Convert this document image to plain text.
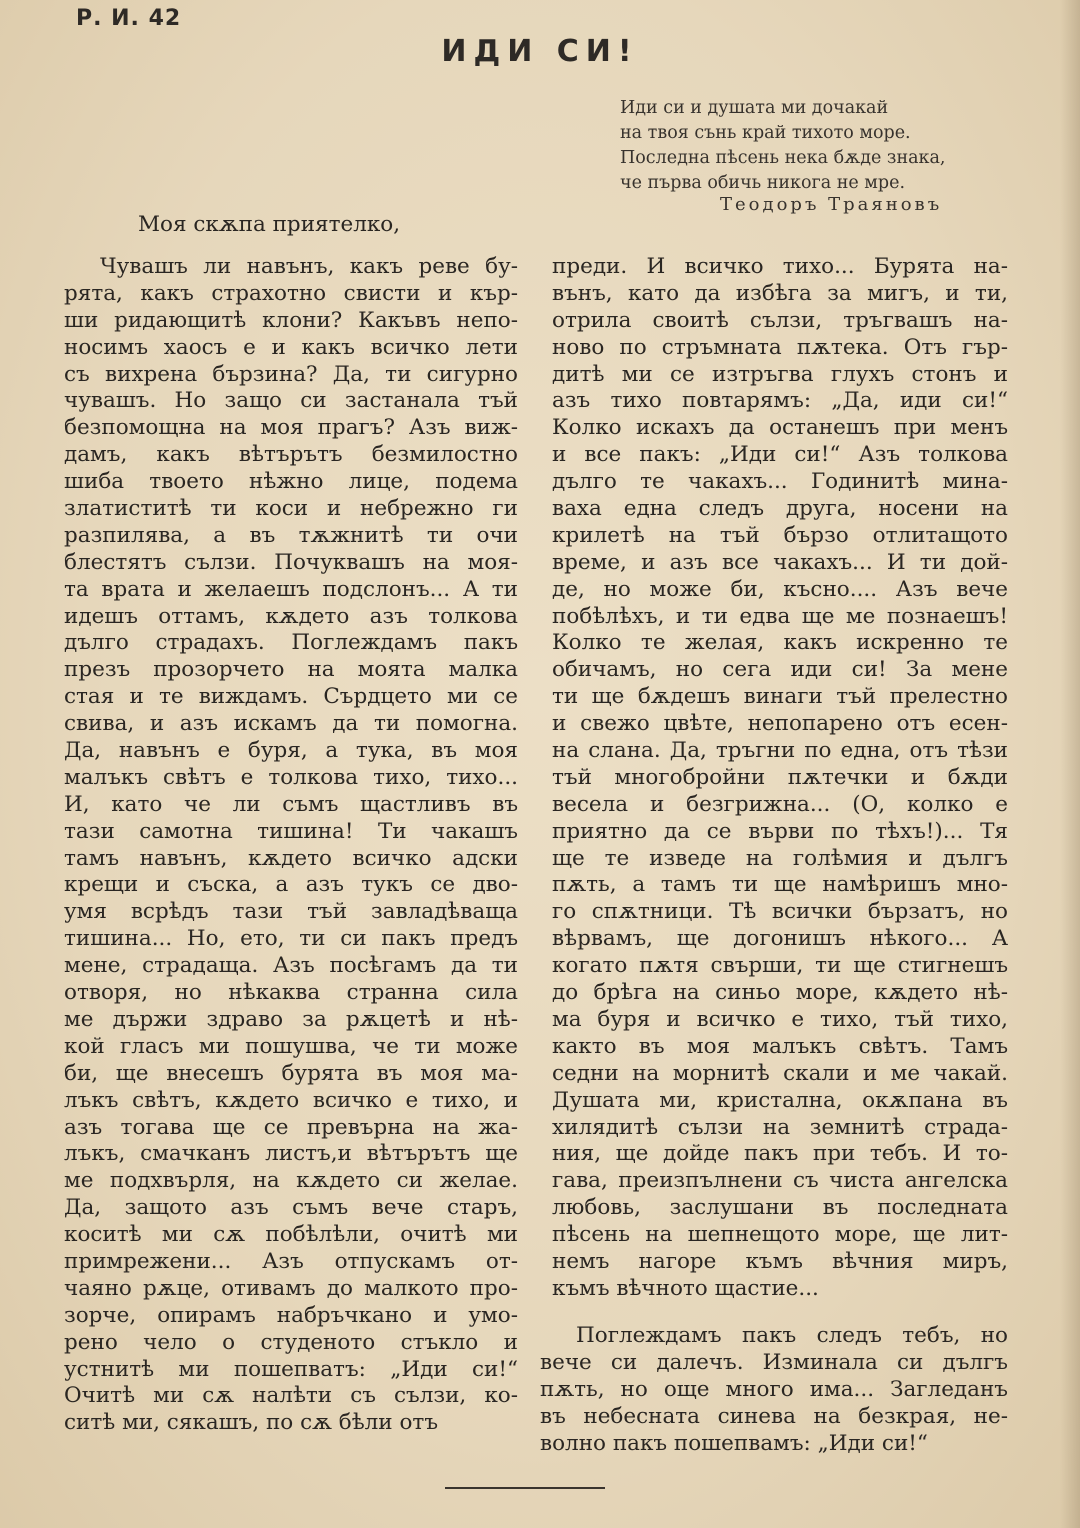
Р. И. 42
ИДИ СИ!
Иди си и душата ми дочакай
на твоя сънь край тихото море.
Последна пѣсень нека бѫде знака,
че първа обичь никога не мре.
Теодоръ Траяновъ
Моя скѫпа приятелко,
Чувашъ ли навънъ, какъ реве бу-
рята, какъ страхотно свисти и кър-
ши ридающитѣ клони? Какъвъ непо-
носимъ хаосъ е и какъ всичко лети
съ вихрена бързина? Да, ти сигурно
чувашъ. Но защо си застанала тъй
безпомощна на моя прагъ? Азъ виж-
дамъ, какъ вѣтърътъ безмилостно
шиба твоето нѣжно лице, подема
златиститѣ ти коси и небрежно ги
разпилява, а въ тѫжнитѣ ти очи
блестятъ сълзи. Почуквашъ на моя-
та врата и желаешъ подслонъ... А ти
идешъ оттамъ, кѫдето азъ толкова
дълго страдахъ. Поглеждамъ пакъ
презъ прозорчето на моята малка
стая и те виждамъ. Сърдцето ми се
свива, и азъ искамъ да ти помогна.
Да, навънъ е буря, а тука, въ моя
малъкъ свѣтъ е толкова тихо, тихо...
И, като че ли съмъ щастливъ въ
тази самотна тишина! Ти чакашъ
тамъ навънъ, кѫдето всичко адски
крещи и съска, а азъ тукъ се дво-
умя всрѣдъ тази тъй завладѣваща
тишина... Но, ето, ти си пакъ предъ
мене, страдаща. Азъ посѣгамъ да ти
отворя, но нѣкаква странна сила
ме държи здраво за рѫцетѣ и нѣ-
кой гласъ ми пошушва, че ти може
би, ще внесешъ бурята въ моя ма-
лъкъ свѣтъ, кѫдето всичко е тихо, и
азъ тогава ще се превърна на жа-
лъкъ, смачканъ листъ,и вѣтърътъ ще
ме подхвърля, на кѫдето си желае.
Да, защото азъ съмъ вече старъ,
коситѣ ми сѫ побѣлѣли, очитѣ ми
примрежени... Азъ отпускамъ от-
чаяно рѫце, отивамъ до малкото про-
зорче, опирамъ набръчкано и умо-
рено чело о студеното стъкло и
устнитѣ ми пошепватъ: „Иди си!“
Очитѣ ми сѫ налѣти съ сълзи, ко-
ситѣ ми, сякашъ, по сѫ бѣли отъ
преди. И всичко тихо... Бурята на-
вънъ, като да избѣга за мигъ, и ти,
отрила своитѣ сълзи, тръгвашъ на-
ново по стръмната пѫтека. Отъ гър-
дитѣ ми се изтръгва глухъ стонъ и
азъ тихо повтарямъ: „Да, иди си!“
Колко искахъ да останешъ при менъ
и все пакъ: „Иди си!“ Азъ толкова
дълго те чакахъ... Годинитѣ мина-
ваха една следъ друга, носени на
крилетѣ на тъй бързо отлитащото
време, и азъ все чакахъ... И ти дой-
де, но може би, късно.... Азъ вече
побѣлѣхъ, и ти едва ще ме познаешъ!
Колко те желая, какъ искренно те
обичамъ, но сега иди си! За мене
ти ще бѫдешъ винаги тъй прелестно
и свежо цвѣте, непопарено отъ есен-
на слана. Да, тръгни по една, отъ тѣзи
тъй многобройни пѫтечки и бѫди
весела и безгрижна... (О, колко е
приятно да се върви по тѣхъ!)... Тя
ще те изведе на голѣмия и дългъ
пѫть, а тамъ ти ще намѣришъ мно-
го спѫтници. Тѣ всички бързатъ, но
вѣрвамъ, ще догонишъ нѣкого... А
когато пѫтя свърши, ти ще стигнешъ
до брѣга на синьо море, кѫдето нѣ-
ма буря и всичко е тихо, тъй тихо,
както въ моя малъкъ свѣтъ. Тамъ
седни на морнитѣ скали и ме чакай.
Душата ми, кристална, окѫпана въ
хилядитѣ сълзи на земнитѣ страда-
ния, ще дойде пакъ при тебъ. И то-
гава, преизпълнени съ чиста ангелска
любовь, заслушани въ последната
пѣсень на шепнещото море, ще лит-
немъ нагоре къмъ вѣчния миръ,
къмъ вѣчното щастие...
Поглеждамъ пакъ следъ тебъ, но
вече си далечъ. Изминала си дългъ
пѫть, но още много има... Загледанъ
въ небесната синева на безкрая, не-
волно пакъ пошепвамъ: „Иди си!“
